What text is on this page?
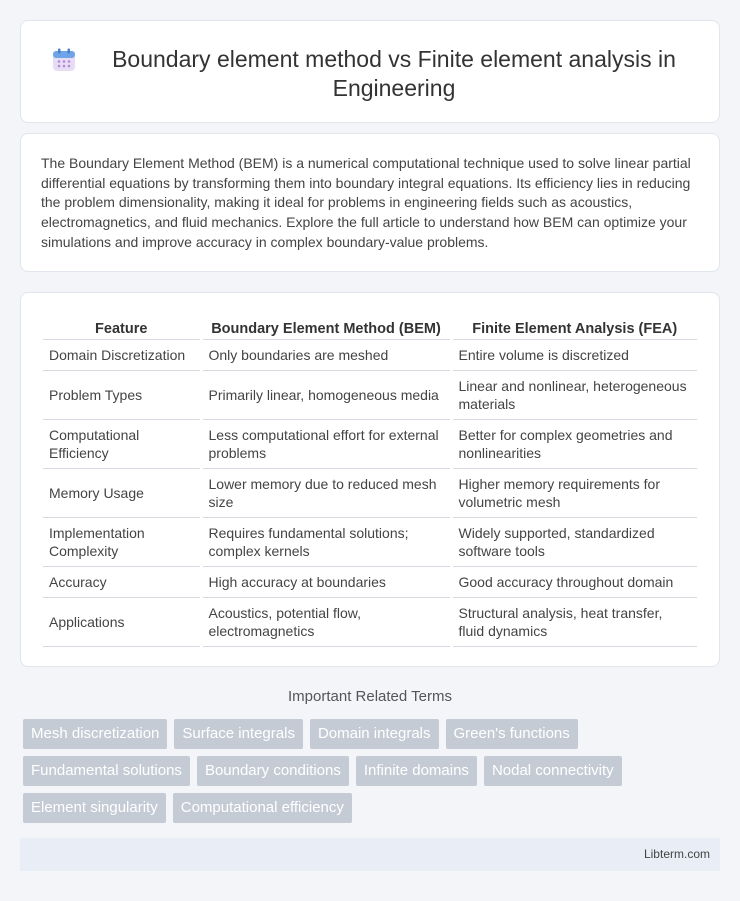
Boundary element method vs Finite element analysis in Engineering

The Boundary Element Method (BEM) is a numerical computational technique used to solve linear partial differential equations by transforming them into boundary integral equations. Its efficiency lies in reducing the problem dimensionality, making it ideal for problems in engineering fields such as acoustics, electromagnetics, and fluid mechanics. Explore the full article to understand how BEM can optimize your simulations and improve accuracy in complex boundary-value problems.

Feature	Boundary Element Method (BEM)	Finite Element Analysis (FEA)
Domain Discretization	Only boundaries are meshed	Entire volume is discretized
Problem Types	Primarily linear, homogeneous media	Linear and nonlinear, heterogeneous materials
Computational Efficiency	Less computational effort for external problems	Better for complex geometries and nonlinearities
Memory Usage	Lower memory due to reduced mesh size	Higher memory requirements for volumetric mesh
Implementation Complexity	Requires fundamental solutions; complex kernels	Widely supported, standardized software tools
Accuracy	High accuracy at boundaries	Good accuracy throughout domain
Applications	Acoustics, potential flow, electromagnetics	Structural analysis, heat transfer, fluid dynamics
Important Related Terms
Mesh discretization	Surface integrals	Domain integrals	Green's functions
Fundamental solutions	Boundary conditions	Infinite domains	Nodal connectivity
Element singularity	Computational efficiency
Libterm.com
